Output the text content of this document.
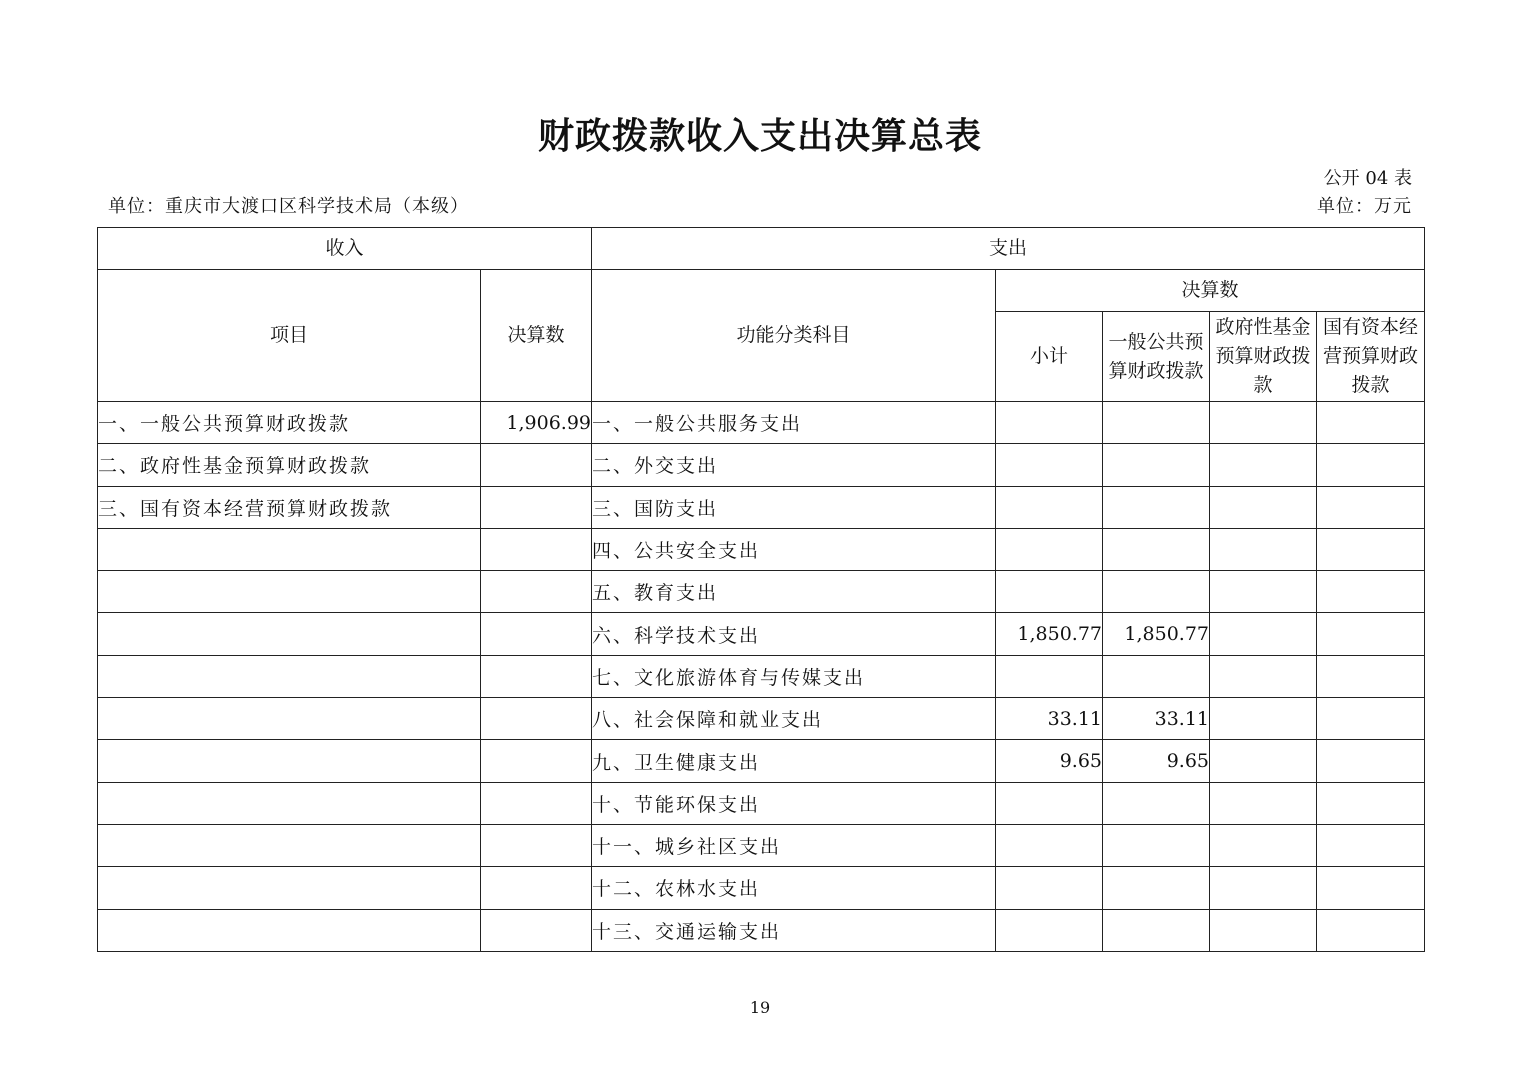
财政拨款收入支出决算总表
公开 04 表
单位：重庆市大渡口区科学技术局（本级）	单位：万元
收入		支出				
项目	决算数	功能分类科目	决算数			
			小计	一般公共预算财政拨款	政府性基金预算财政拨款	国有资本经营预算财政拨款
一、一般公共预算财政拨款	1,906.99	一、一般公共服务支出				
二、政府性基金预算财政拨款		二、外交支出				
三、国有资本经营预算财政拨款		三、国防支出				
		四、公共安全支出				
		五、教育支出				
		六、科学技术支出	1,850.77	1,850.77		
		七、文化旅游体育与传媒支出				
		八、社会保障和就业支出	33.11	33.11		
		九、卫生健康支出	9.65	9.65		
		十、节能环保支出				
		十一、城乡社区支出				
		十二、农林水支出				
		十三、交通运输支出				
19
